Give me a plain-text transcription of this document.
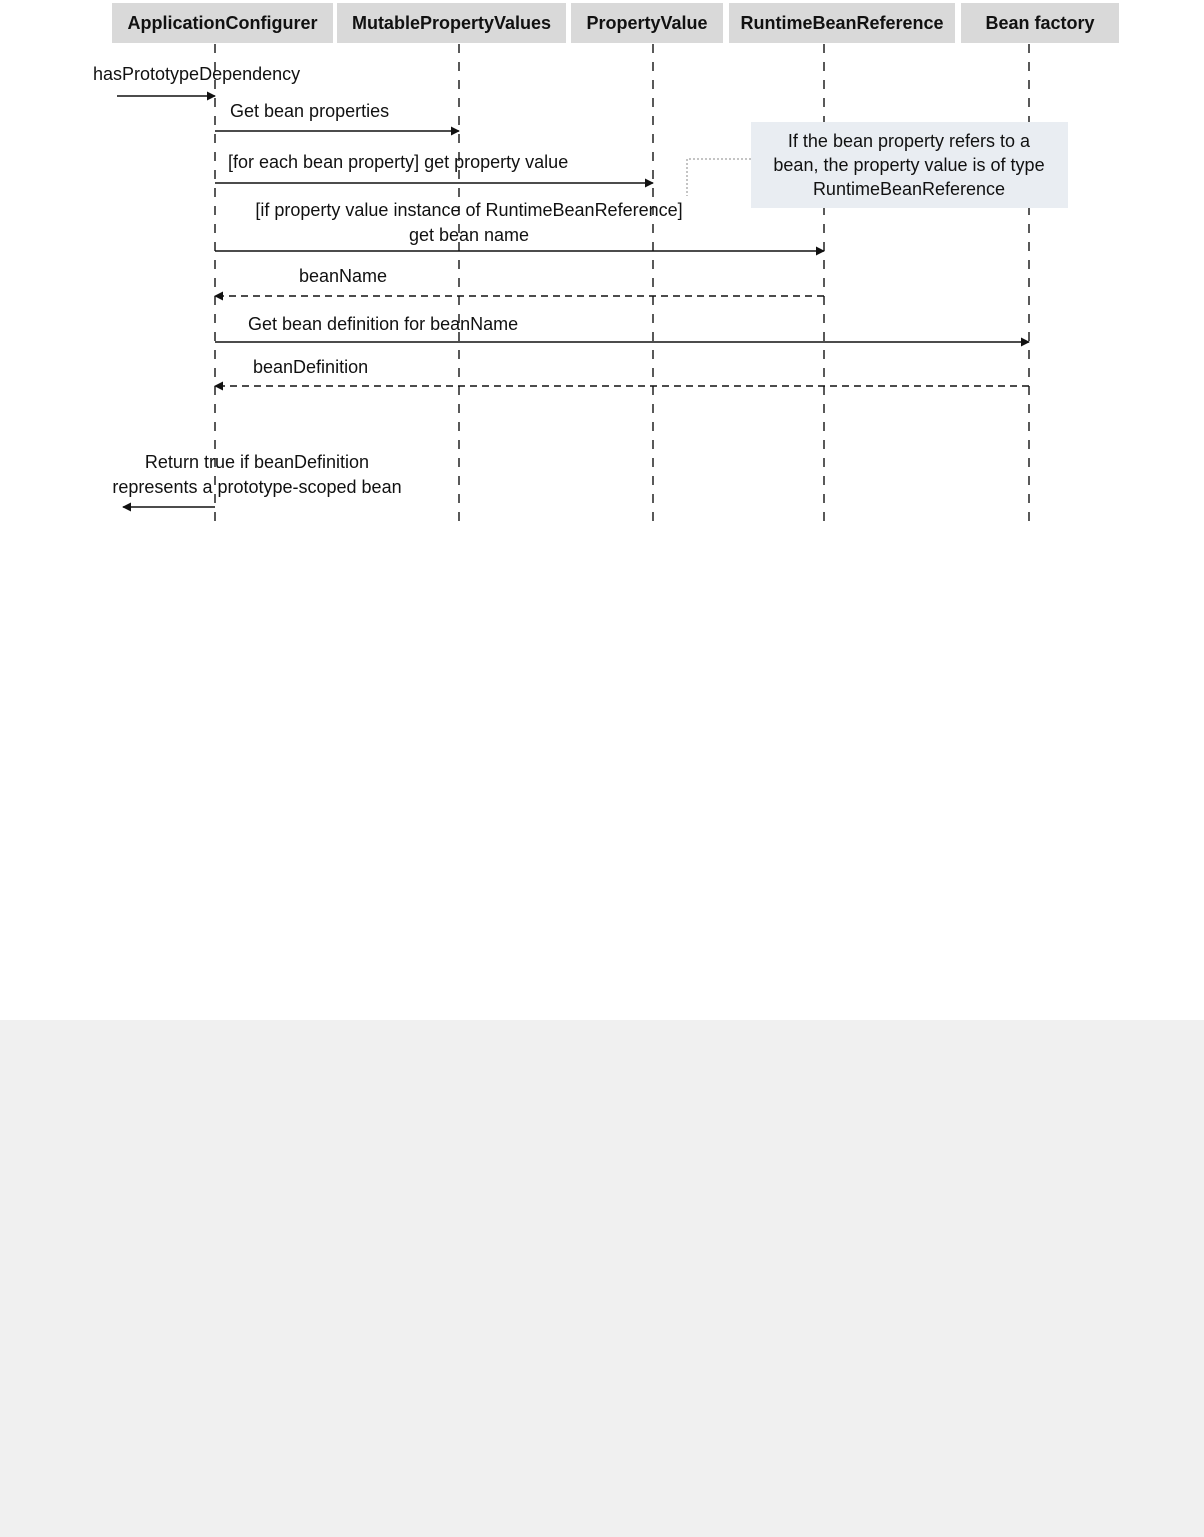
ApplicationConfigurer MutablePropertyValues PropertyValue RuntimeBeanReference Bean factory
If the bean property refers to a bean, the property value is of type RuntimeBeanReference
hasPrototypeDependency
Get bean properties
[for each bean property] get property value
[if property value instance of RuntimeBeanReference] get bean name
beanName
Get bean definition for beanName
beanDefinition
Return true if beanDefinition represents a prototype-scoped bean
